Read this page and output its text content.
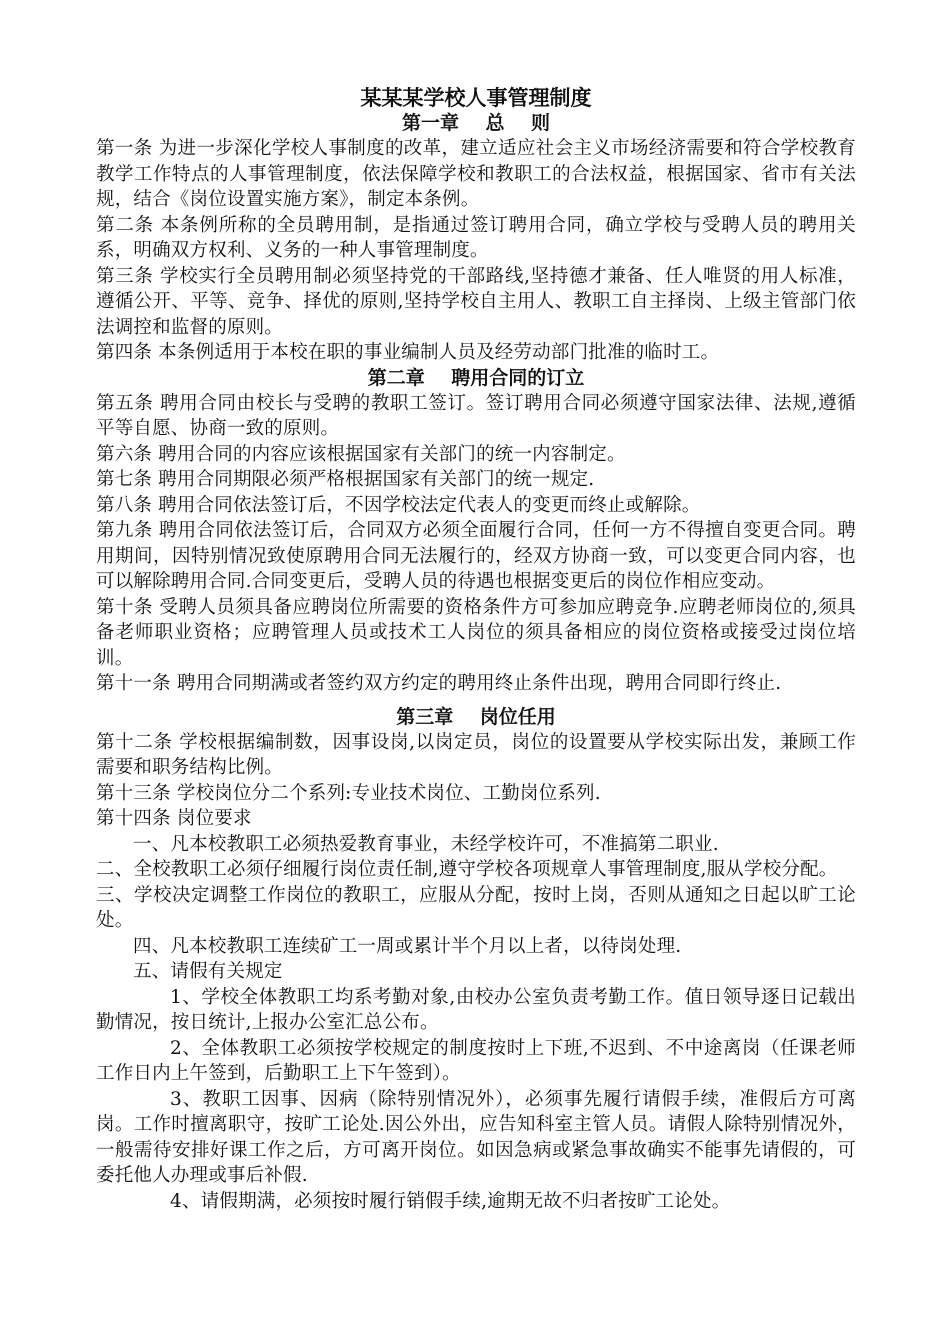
某某某学校人事管理制度
第一章    总    则
第一条 为进一步深化学校人事制度的改革，建立适应社会主义市场经济需要和符合学校教育教学工作特点的人事管理制度，依法保障学校和教职工的合法权益，根据国家、省市有关法规，结合《岗位设置实施方案》，制定本条例。
第二条 本条例所称的全员聘用制，是指通过签订聘用合同，确立学校与受聘人员的聘用关系，明确双方权利、义务的一种人事管理制度。
第三条 学校实行全员聘用制必须坚持党的干部路线,坚持德才兼备、任人唯贤的用人标准，遵循公开、平等、竞争、择优的原则,坚持学校自主用人、教职工自主择岗、上级主管部门依法调控和监督的原则。
第四条 本条例适用于本校在职的事业编制人员及经劳动部门批准的临时工。
第二章    聘用合同的订立
第五条 聘用合同由校长与受聘的教职工签订。签订聘用合同必须遵守国家法律、法规,遵循平等自愿、协商一致的原则。
第六条 聘用合同的内容应该根据国家有关部门的统一内容制定。
第七条 聘用合同期限必须严格根据国家有关部门的统一规定.
第八条 聘用合同依法签订后，不因学校法定代表人的变更而终止或解除。
第九条 聘用合同依法签订后，合同双方必须全面履行合同，任何一方不得擅自变更合同。聘用期间，因特别情况致使原聘用合同无法履行的，经双方协商一致，可以变更合同内容，也可以解除聘用合同.合同变更后，受聘人员的待遇也根据变更后的岗位作相应变动。
第十条 受聘人员须具备应聘岗位所需要的资格条件方可参加应聘竞争.应聘老师岗位的,须具备老师职业资格；应聘管理人员或技术工人岗位的须具备相应的岗位资格或接受过岗位培训。
第十一条 聘用合同期满或者签约双方约定的聘用终止条件出现，聘用合同即行终止.
第三章    岗位任用
第十二条 学校根据编制数，因事设岗,以岗定员，岗位的设置要从学校实际出发，兼顾工作需要和职务结构比例。
第十三条 学校岗位分二个系列:专业技术岗位、工勤岗位系列.
第十四条 岗位要求
一、凡本校教职工必须热爱教育事业，未经学校许可，不准搞第二职业.
二、全校教职工必须仔细履行岗位责任制,遵守学校各项规章人事管理制度,服从学校分配。
三、学校决定调整工作岗位的教职工，应服从分配，按时上岗，否则从通知之日起以旷工论处。
四、凡本校教职工连续矿工一周或累计半个月以上者，以待岗处理.
五、请假有关规定
1、学校全体教职工均系考勤对象,由校办公室负责考勤工作。值日领导逐日记载出勤情况，按日统计,上报办公室汇总公布。
2、全体教职工必须按学校规定的制度按时上下班,不迟到、不中途离岗（任课老师工作日内上午签到，后勤职工上下午签到）。
3、教职工因事、因病（除特别情况外），必须事先履行请假手续，准假后方可离岗。工作时擅离职守，按旷工论处.因公外出，应告知科室主管人员。请假人除特别情况外，一般需待安排好课工作之后，方可离开岗位。如因急病或紧急事故确实不能事先请假的，可委托他人办理或事后补假.
4、请假期满，必须按时履行销假手续,逾期无故不归者按旷工论处。
